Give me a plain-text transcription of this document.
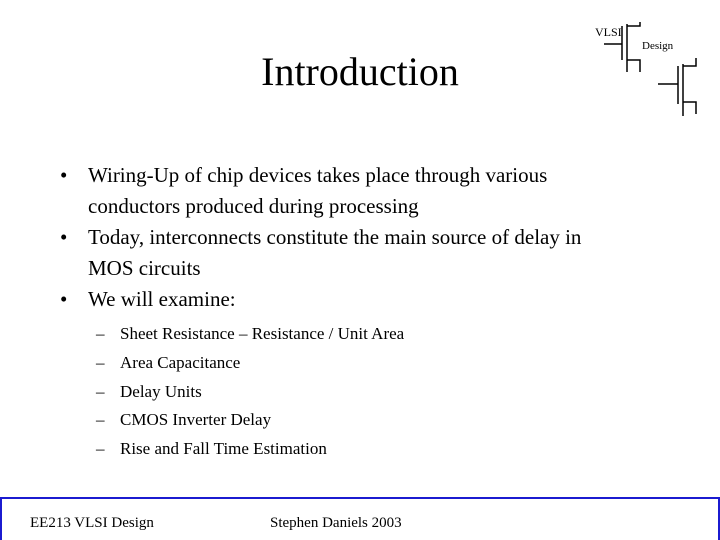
Introduction
VLSI
Design
• Wiring-Up of chip devices takes place through various
conductors produced during processing
• Today, interconnects constitute the main source of delay in
MOS circuits
• We will examine:
– Sheet Resistance – Resistance / Unit Area
– Area Capacitance
– Delay Units
– CMOS Inverter Delay
– Rise and Fall Time Estimation
EE213 VLSI Design	Stephen Daniels 2003
